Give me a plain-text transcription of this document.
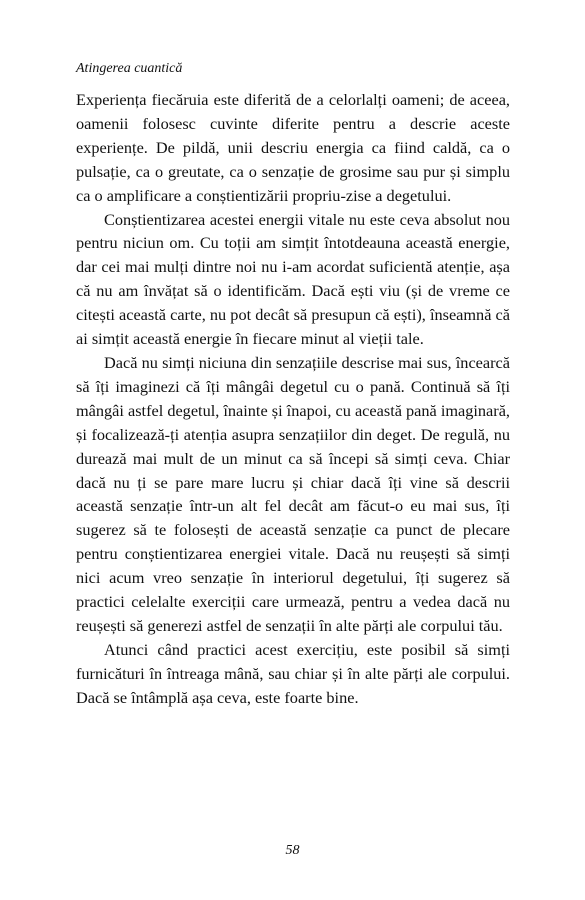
Atingerea cuantică

Experiența fiecăruia este diferită de a celorlalți oameni; de aceea, oamenii folosesc cuvinte diferite pentru a descrie aceste experiențe. De pildă, unii descriu energia ca fiind caldă, ca o pulsație, ca o greutate, ca o senzație de grosime sau pur și simplu ca o amplificare a conștientizării propriu-zise a degetului.

Conștientizarea acestei energii vitale nu este ceva absolut nou pentru niciun om. Cu toții am simțit întotdeauna această energie, dar cei mai mulți dintre noi nu i-am acordat suficientă atenție, așa că nu am învățat să o identificăm. Dacă ești viu (și de vreme ce citești această carte, nu pot decât să presupun că ești), înseamnă că ai simțit această energie în fiecare minut al vieții tale.

Dacă nu simți niciuna din senzațiile descrise mai sus, încearcă să îți imaginezi că îți mângâi degetul cu o pană. Continuă să îți mângâi astfel degetul, înainte și înapoi, cu această pană imaginară, și focalizează-ți atenția asupra senzațiilor din deget. De regulă, nu durează mai mult de un minut ca să începi să simți ceva. Chiar dacă nu ți se pare mare lucru și chiar dacă îți vine să descrii această senzație într-un alt fel decât am făcut-o eu mai sus, îți sugerez să te folosești de această senzație ca punct de plecare pentru conștientizarea energiei vitale. Dacă nu reușești să simți nici acum vreo senzație în interiorul degetului, îți sugerez să practici celelalte exerciții care urmează, pentru a vedea dacă nu reușești să generezi astfel de senzații în alte părți ale corpului tău.

Atunci când practici acest exercițiu, este posibil să simți furnicături în întreaga mână, sau chiar și în alte părți ale corpului. Dacă se întâmplă așa ceva, este foarte bine.

58
